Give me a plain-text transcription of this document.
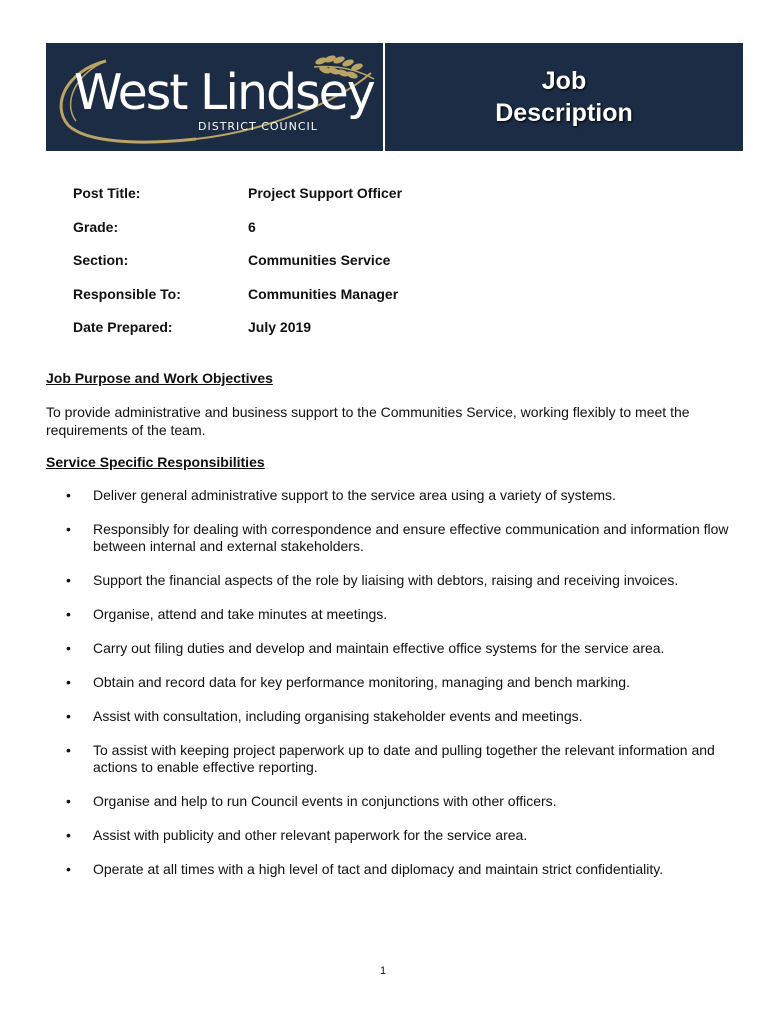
West Lindsey
DISTRICT COUNCIL
Job
Description
Post Title:	Project Support Officer
Grade:	6
Section:	Communities Service
Responsible To:	Communities Manager
Date Prepared:	July 2019
Job Purpose and Work Objectives
To provide administrative and business support to the Communities Service, working flexibly to meet the requirements of the team.
Service Specific Responsibilities
• Deliver general administrative support to the service area using a variety of systems.
• Responsibly for dealing with correspondence and ensure effective communication and information flow between internal and external stakeholders.
• Support the financial aspects of the role by liaising with debtors, raising and receiving invoices.
• Organise, attend and take minutes at meetings.
• Carry out filing duties and develop and maintain effective office systems for the service area.
• Obtain and record data for key performance monitoring, managing and bench marking.
• Assist with consultation, including organising stakeholder events and meetings.
• To assist with keeping project paperwork up to date and pulling together the relevant information and actions to enable effective reporting.
• Organise and help to run Council events in conjunctions with other officers.
• Assist with publicity and other relevant paperwork for the service area.
• Operate at all times with a high level of tact and diplomacy and maintain strict confidentiality.
1
